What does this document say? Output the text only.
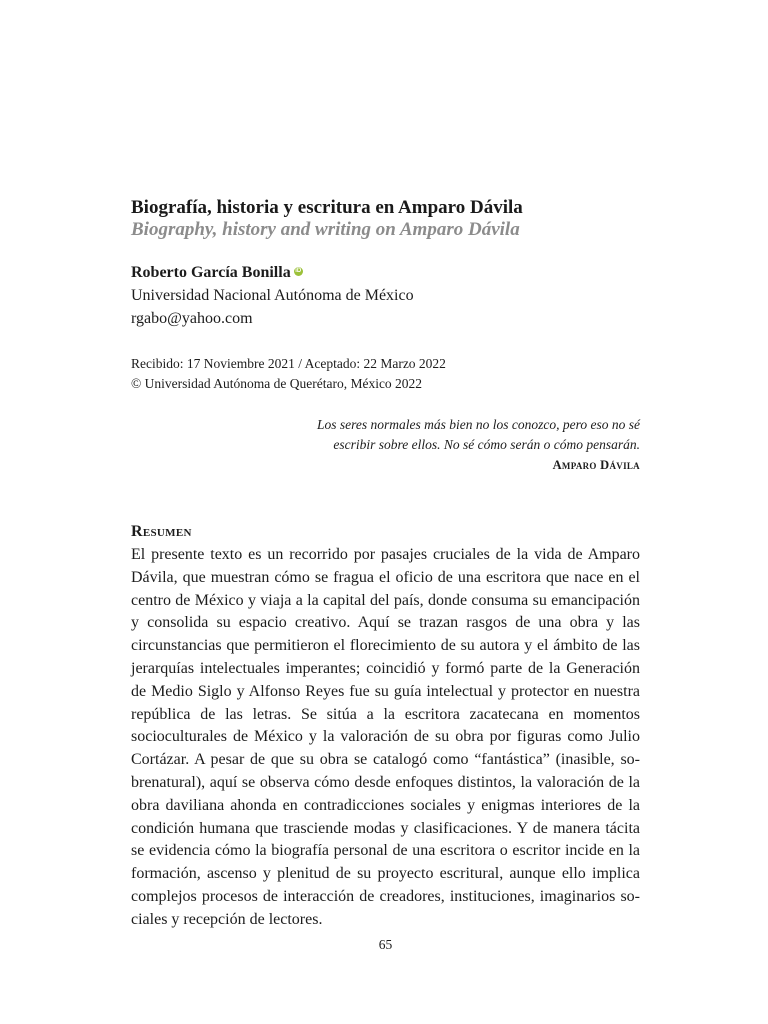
Biografía, historia y escritura en Amparo Dávila
Biography, history and writing on Amparo Dávila
Roberto García Bonilla iD
Universidad Nacional Autónoma de México
rgabo@yahoo.com
Recibido: 17 Noviembre 2021 / Aceptado: 22 Marzo 2022
© Universidad Autónoma de Querétaro, México 2022
Los seres normales más bien no los conozco, pero eso no sé escribir sobre ellos. No sé cómo serán o cómo pensarán.
Amparo Dávila
Resumen

El presente texto es un recorrido por pasajes cruciales de la vida de Amparo Dávila, que muestran cómo se fragua el oficio de una escritora que nace en el centro de México y viaja a la capital del país, donde consuma su emancipación y consolida su espacio creativo. Aquí se trazan rasgos de una obra y las circunstancias que permitieron el florecimiento de su autora y el ámbito de las jerarquías intelectuales imperantes; coincidió y formó parte de la Generación de Medio Siglo y Alfonso Reyes fue su guía intelectual y protector en nuestra república de las letras. Se sitúa a la escritora zacatecana en momentos socioculturales de México y la valoración de su obra por figuras como Julio Cortázar. A pesar de que su obra se catalogó como “fantástica” (inasible, sobrenatural), aquí se observa cómo desde enfoques distintos, la valoración de la obra daviliana ahonda en contradicciones sociales y enigmas interiores de la condición humana que trasciende modas y clasificaciones. Y de manera tácita se evidencia cómo la biografía personal de una escritora o escritor incide en la formación, ascenso y plenitud de su proyecto escritural, aunque ello implica complejos procesos de interacción de creadores, instituciones, imaginarios sociales y recepción de lectores.

65
